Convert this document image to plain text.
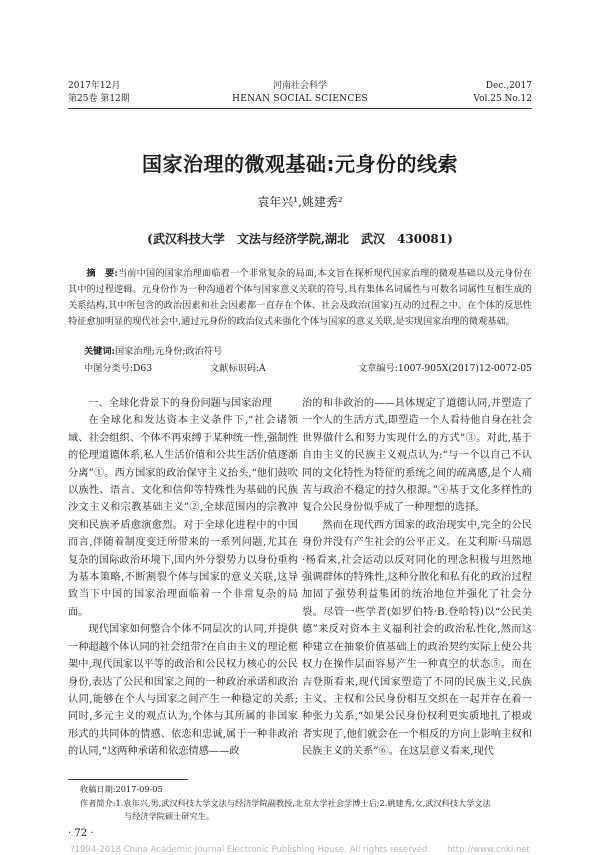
2017年12月
第25卷 第12期
河南社会科学
HENAN SOCIAL SCIENCES
Dec.,2017
Vol.25 No.12
国家治理的微观基础:元身份的线索
袁年兴¹,姚建秀²
(武汉科技大学　文法与经济学院,湖北　武汉　430081)

摘　要:当前中国的国家治理面临着一个非常复杂的局面,本文旨在探析现代国家治理的微观基础以及元身份在其中的过程逻辑。元身份作为一种沟通着个体与国家意义关联的符号,具有集体名词属性与可数名词属性互相生成的关系结构,其中所包含的政治因素和社会因素都一直存在个体、社会及政治(国家)互动的过程之中。在个体的反思性特征愈加明显的现代社会中,通过元身份的政治仪式来强化个体与国家的意义关联,是实现国家治理的微观基础。

关键词:国家治理;元身份;政治符号
中图分类号:D63	文献标识码:A	文章编号:1007-905X(2017)12-0072-05

一、全球化背景下的身份问题与国家治理

在全球化和发达资本主义条件下,“社会诸领域、社会组织、个体不再束缚于某种统一性,强制性的伦理道德体系,私人生活价值和公共生活价值逐渐分离”①。西方国家的政治保守主义抬头,“他们鼓吹以族性、语言、文化和信仰等特殊性为基础的民族沙文主义和宗教基础主义”②,全球范围内的宗教冲突和民族矛盾愈演愈烈。对于全球化进程中的中国而言,伴随着制度变迁所带来的一系列问题,尤其在复杂的国际政治环境下,国内外分裂势力以身份重构为基本策略,不断割裂个体与国家的意义关联,这导致当下中国的国家治理面临着一个非常复杂的局面。

现代国家如何整合个体不同层次的认同,并提供一种超越个体认同的社会纽带?在自由主义的理论框架中,现代国家以平等的政治和公民权力核心的公民身份,表达了公民和国家之间的一种政治承诺和政治认同,能够在个人与国家之间产生一种稳定的关系;同时,多元主义的观点认为,个体与其所属的非国家形式的共同体的情感、依恋和忠诚,属于一种非政治的认同,“这两种承诺和依恋情感——政

治的和非政治的——具体规定了道德认同,并塑造了一个人的生活方式,即塑造一个人看待他自身在社会世界做什么和努力实现什么的方式”③。对此,基于自由主义的民族主义观点认为:“与一个以自己不认同的文化特性为特征的系统之间的疏离感,是个人痛苦与政治不稳定的持久根源。”④基于文化多样性的复合公民身份似乎成了一种理想的选择。

然而在现代西方国家的政治现实中,完全的公民身份并没有产生社会的公平正义。在艾利斯·马瑞恩·杨看来,社会运动以反对同化的理念积极与坦然地强调群体的特殊性,这种分散化和私有化的政治过程加固了强势利益集团的统治地位并强化了社会分裂。尽管一些学者(如罗伯特·B.登哈特)以“公民美德”来反对资本主义福利社会的政治私性化,然而这种建立在抽象价值基础上的政治契约实际上使公共权力在操作层面容易产生一种真空的状态⑤。而在吉登斯看来,现代国家塑造了不同的民族主义,民族主义、主权和公民身份相互交织在一起并存在着一种张力关系,“如果公民身份权利更实质地扎了根或者实现了,他们就会在一个相反的方向上影响主权和民族主义的关系”⑥。在这层意义看来,现代

收稿日期:2017-09-05
作者简介:1.袁年兴,男,武汉科技大学文法与经济学院副教授,北京大学社会学博士后;2.姚建秀,女,武汉科技大学文法
与经济学院硕士研究生。
· 72 ·
?1994-2018 China Academic Journal Electronic Publishing House. All rights reserved.　　http://www.cnki.net
